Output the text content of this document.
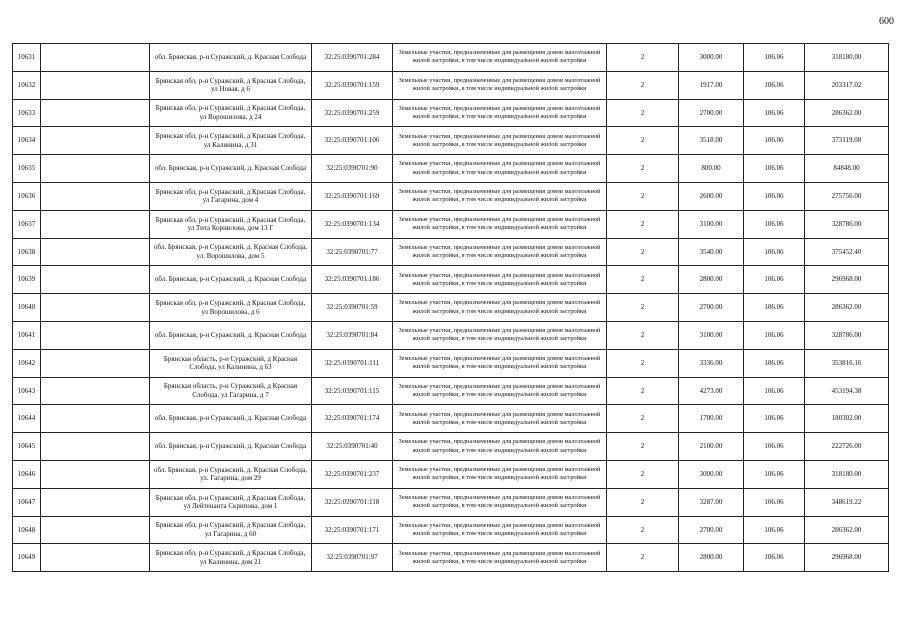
600
10631		обл. Брянская, р-н Суражский, д. Красная Слобода	32:25:0390701:284	Земельные участки, предназначенные для размещения домов малоэтажной жилой застройки, в том числе индивидуальной жилой застройки	2	3000.00	106.06	318180.00
10632		Брянская обл, р-н Суражский, д Красная Слобода, ул Новая, д 6	32:25:0390701:159	Земельные участки, предназначенные для размещения домов малоэтажной жилой застройки, в том числе индивидуальной жилой застройки	2	1917.00	106.06	203317.02
10633		Брянская обл, р-н Суражский, д Красная Слобода, ул Ворошилова, д 24	32:25:0390701:259	Земельные участки, предназначенные для размещения домов малоэтажной жилой застройки, в том числе индивидуальной жилой застройки	2	2700.00	106.06	286362.00
10634		Брянская обл, р-н Суражский, д Красная Слобода, ул Калинина, д 31	32:25:0390701:106	Земельные участки, предназначенные для размещения домов малоэтажной жилой застройки, в том числе индивидуальной жилой застройки	2	3518.00	106.06	373119.08
10635		обл. Брянская, р-н Суражский, д. Красная Слобода	32:25:0390701:90	Земельные участки, предназначенные для размещения домов малоэтажной жилой застройки, в том числе индивидуальной жилой застройки	2	800.00	106.06	84848.00
10636		Брянская обл, р-н Суражский, д Красная Слобода, ул Гагарина, дом 4	32:25:0390701:169	Земельные участки, предназначенные для размещения домов малоэтажной жилой застройки, в том числе индивидуальной жилой застройки	2	2600.00	106.06	275756.00
10637		Брянская обл, р-н Суражский, д Красная Слобода, ул Тита Корнилова, дом 13 Г	32:25:0390701:134	Земельные участки, предназначенные для размещения домов малоэтажной жилой застройки, в том числе индивидуальной жилой застройки	2	3100.00	106.06	328786.00
10638		обл. Брянская, р-н Суражский, д. Красная Слобода, ул. Ворошилова, дом 5	32:25:0390701:77	Земельные участки, предназначенные для размещения домов малоэтажной жилой застройки, в том числе индивидуальной жилой застройки	2	3540.00	106.06	375452.40
10639		обл. Брянская, р-н Суражский, д. Красная Слобода	32:25:0390701:186	Земельные участки, предназначенные для размещения домов малоэтажной жилой застройки, в том числе индивидуальной жилой застройки	2	2800.00	106.06	296968.00
10640		Брянская обл, р-н Суражский, д Красная Слобода, ул Ворошилова, д 6	32:25:0390701:59	Земельные участки, предназначенные для размещения домов малоэтажной жилой застройки, в том числе индивидуальной жилой застройки	2	2700.00	106.06	286362.00
10641		обл. Брянская, р-н Суражский, д. Красная Слобода	32:25:0390701:84	Земельные участки, предназначенные для размещения домов малоэтажной жилой застройки, в том числе индивидуальной жилой застройки	2	3100.00	106.06	328786.00
10642		Брянская область, р-н Суражский, д Красная Слобода, ул Калинина, д 63	32:25:0390701:111	Земельные участки, предназначенные для размещения домов малоэтажной жилой застройки, в том числе индивидуальной жилой застройки	2	3336.00	106.06	353816.16
10643		Брянская область, р-н Суражский, д Красная Слобода, ул Гагарина, д 7	32:25:0390701:115	Земельные участки, предназначенные для размещения домов малоэтажной жилой застройки, в том числе индивидуальной жилой застройки	2	4273.00	106.06	453194.38
10644		обл. Брянская, р-н Суражский, д. Красная Слобода	32:25:0390701:174	Земельные участки, предназначенные для размещения домов малоэтажной жилой застройки, в том числе индивидуальной жилой застройки	2	1700.00	106.06	180302.00
10645		обл. Брянская, р-н Суражский, д. Красная Слобода	32:25:0390701:40	Земельные участки, предназначенные для размещения домов малоэтажной жилой застройки, в том числе индивидуальной жилой застройки	2	2100.00	106.06	222726.00
10646		обл. Брянская, р-н Суражский, д. Красная Слобода, ул. Гагарина, дом 29	32:25:0390701:237	Земельные участки, предназначенные для размещения домов малоэтажной жилой застройки, в том числе индивидуальной жилой застройки	2	3000.00	106.06	318180.00
10647		Брянская обл, р-н Суражский, д Красная Слобода, ул Лейтенанта Скрипова, дом 1	32:25:0390701:118	Земельные участки, предназначенные для размещения домов малоэтажной жилой застройки, в том числе индивидуальной жилой застройки	2	3287.00	106.06	348619.22
10648		Брянская обл, р-н Суражский, д Красная Слобода, ул Гагарина, д 60	32:25:0390701:171	Земельные участки, предназначенные для размещения домов малоэтажной жилой застройки, в том числе индивидуальной жилой застройки	2	2700.00	106.06	286362.00
10649		Брянская обл, р-н Суражский, д Красная Слобода, ул Калинина, дом 21	32:25:0390701:97	Земельные участки, предназначенные для размещения домов малоэтажной жилой застройки, в том числе индивидуальной жилой застройки	2	2800.00	106.06	296968.00
